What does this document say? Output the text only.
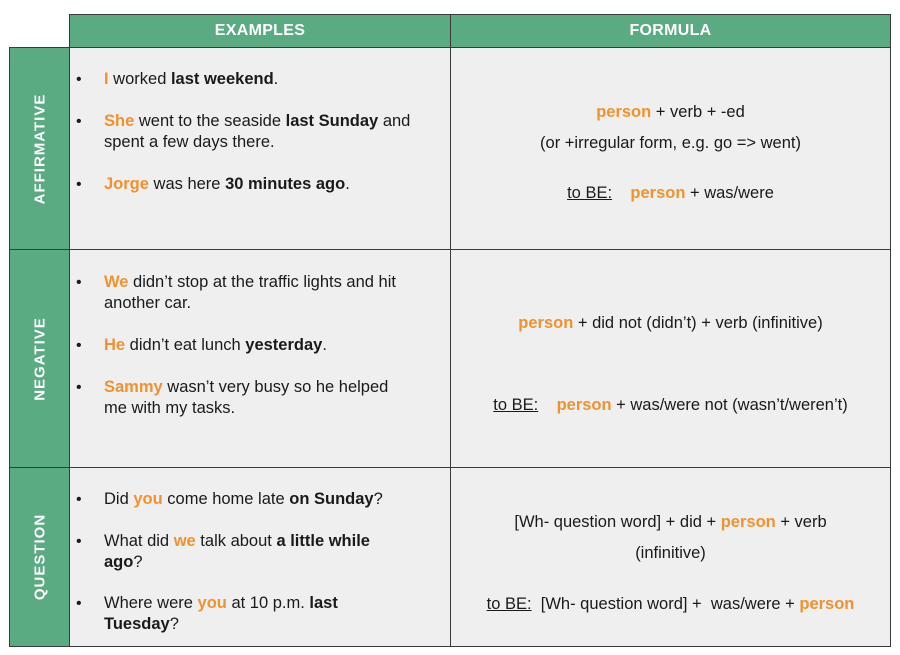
EXAMPLES	FORMULA
AFFIRMATIVE
• I worked last weekend.
• She went to the seaside last Sunday and
spent a few days there.
• Jorge was here 30 minutes ago.
person + verb + -ed
(or +irregular form, e.g. go => went)
to BE: person + was/were
NEGATIVE
• We didn’t stop at the traffic lights and hit
another car.
• He didn’t eat lunch yesterday.
• Sammy wasn’t very busy so he helped
me with my tasks.
person + did not (didn’t) + verb (infinitive)
to BE: person + was/were not (wasn’t/weren’t)
QUESTION
• Did you come home late on Sunday?
• What did we talk about a little while
ago?
• Where were you at 10 p.m. last
Tuesday?
[Wh- question word] + did + person + verb
(infinitive)
to BE:  [Wh- question word] +  was/were + person
